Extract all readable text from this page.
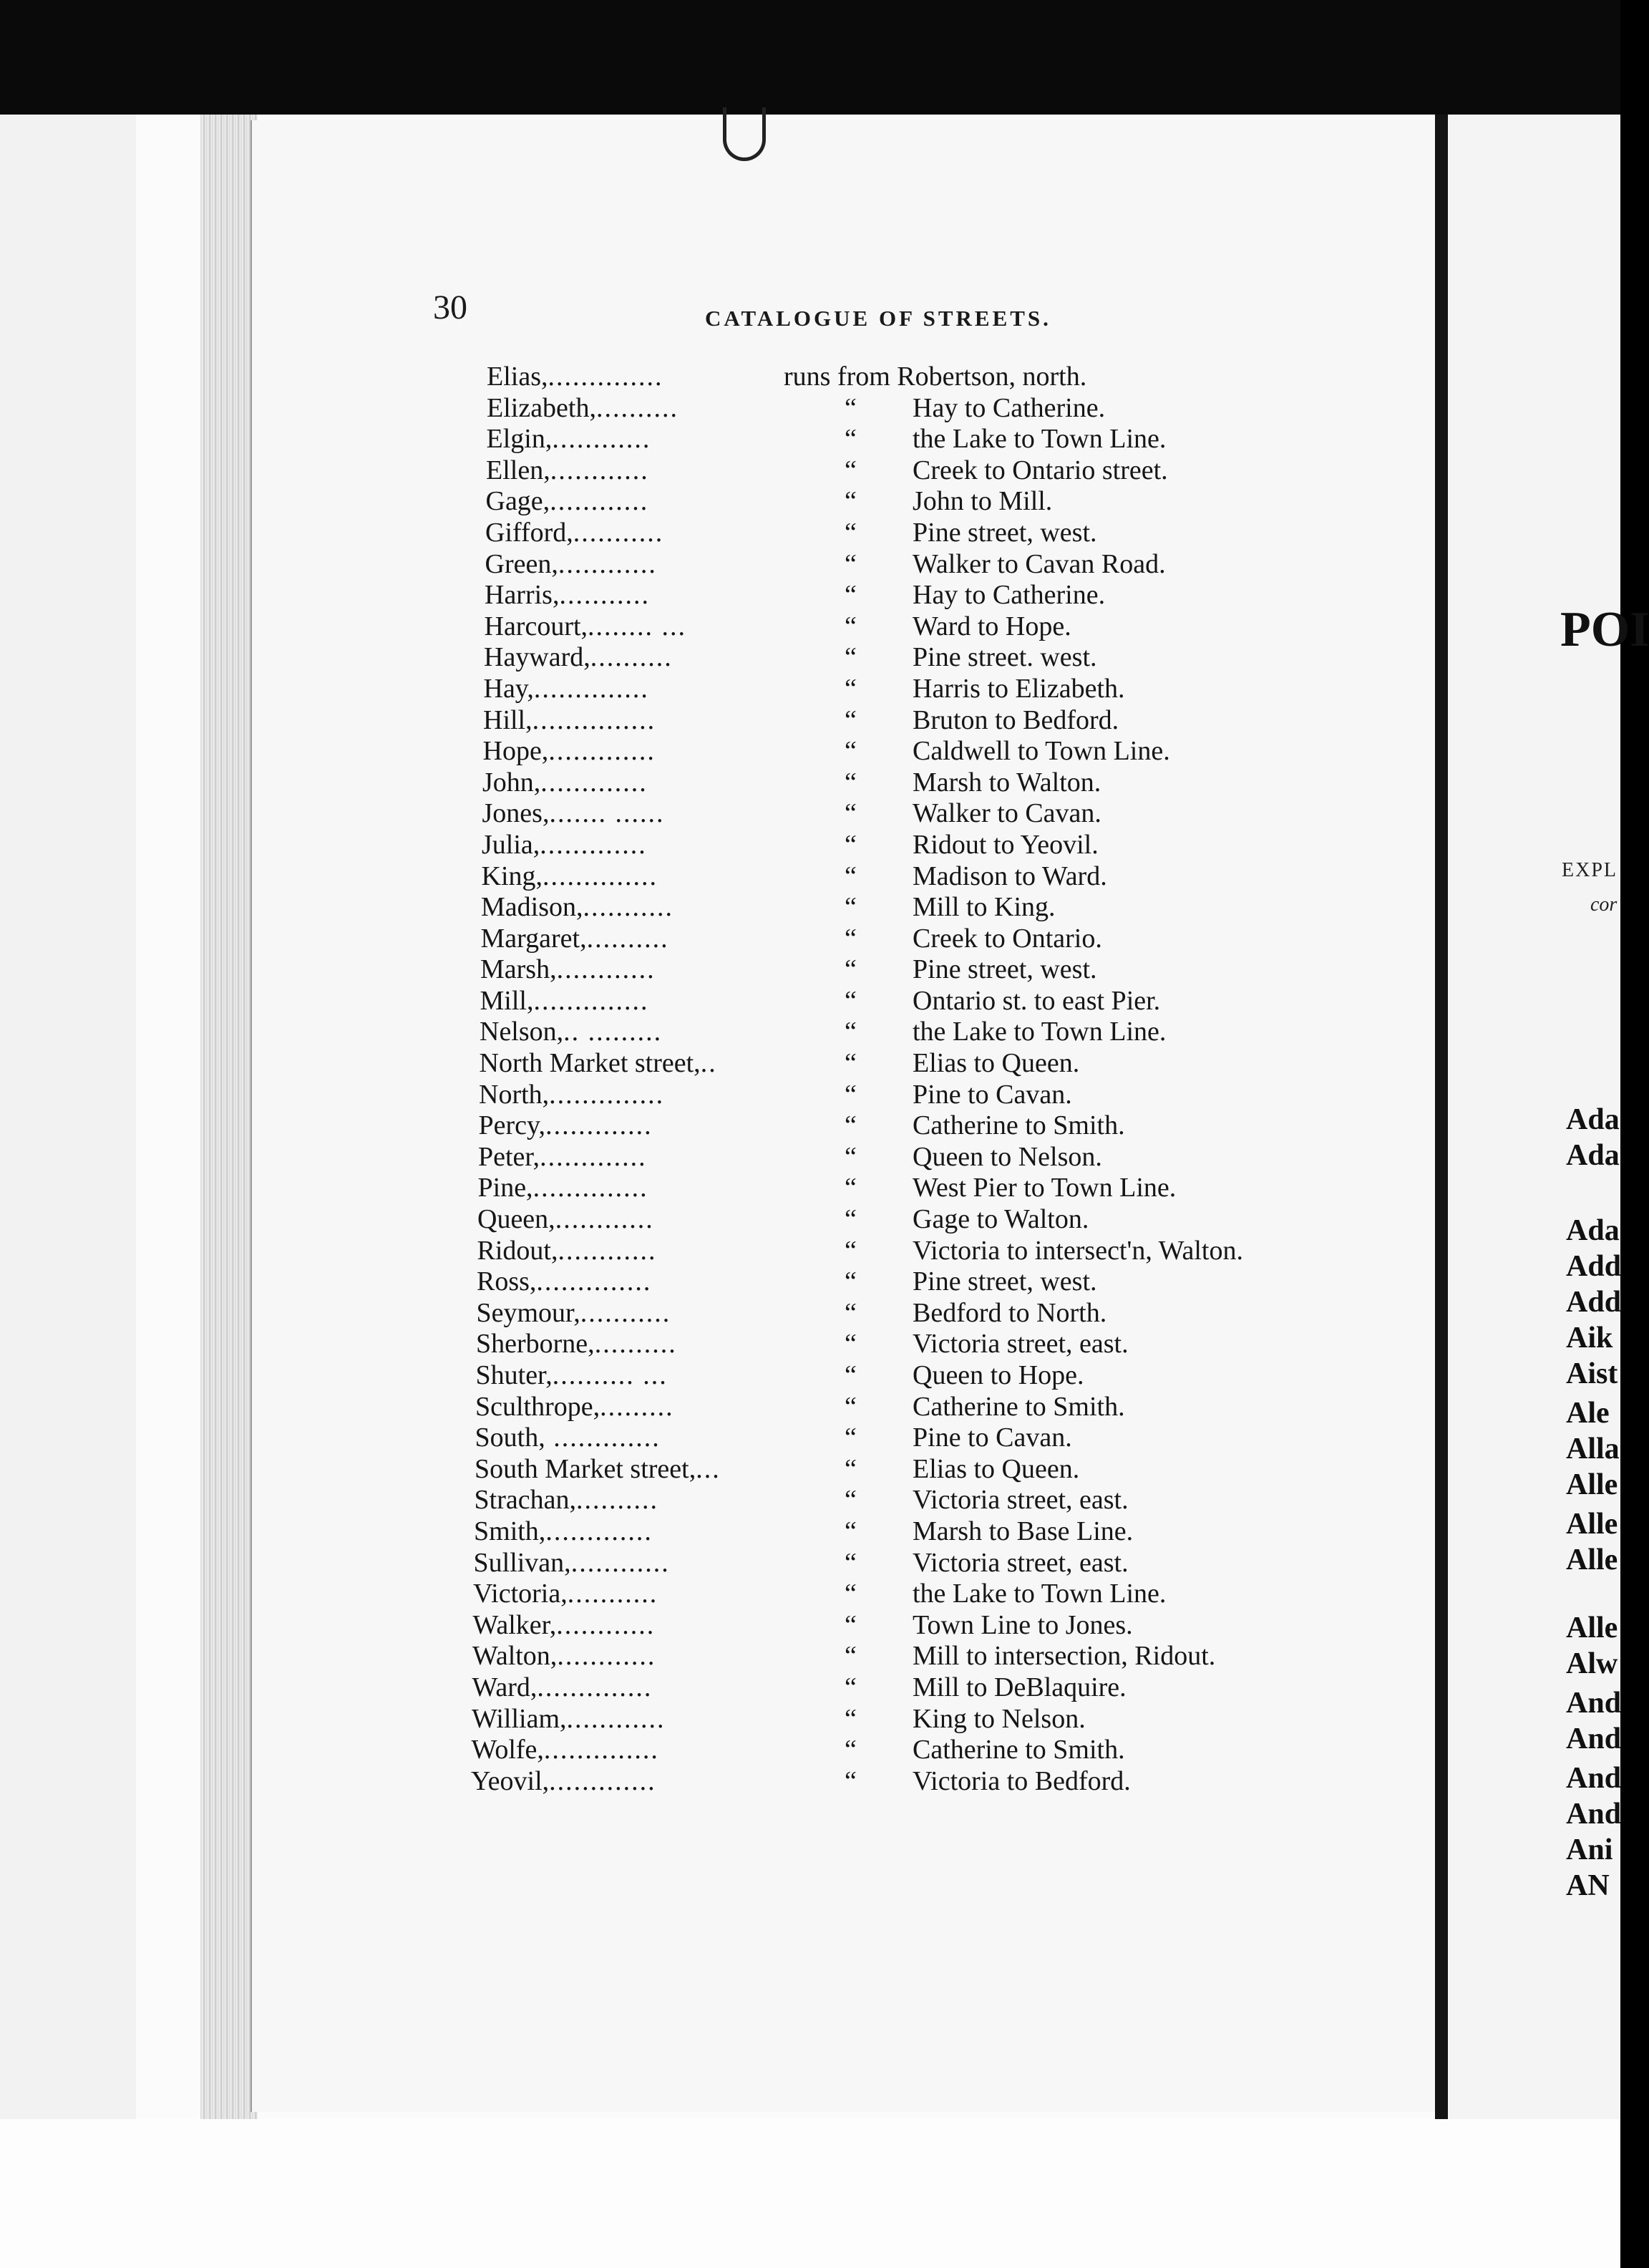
30	CATALOGUE OF STREETS.
Elias,..............	runs from Robertson, north.
Elizabeth,..........	“ Hay to Catherine.
Elgin,............	“ the Lake to Town Line.
Ellen,............	“ Creek to Ontario street.
Gage,............	“ John to Mill.
Gifford,...........	“ Pine street, west.
Green,............	“ Walker to Cavan Road.
Harris,...........	“ Hay to Catherine.
Harcourt,........ ...	“ Ward to Hope.
Hayward,..........	“ Pine street. west.
Hay,..............	“ Harris to Elizabeth.
Hill,...............	“ Bruton to Bedford.
Hope,.............	“ Caldwell to Town Line.
John,.............	“ Marsh to Walton.
Jones,....... ......	“ Walker to Cavan.
Julia,.............	“ Ridout to Yeovil.
King,..............	“ Madison to Ward.
Madison,...........	“ Mill to King.
Margaret,..........	“ Creek to Ontario.
Marsh,............	“ Pine street, west.
Mill,..............	“ Ontario st. to east Pier.
Nelson,.. .........	“ the Lake to Town Line.
North Market street,..	“ Elias to Queen.
North,..............	“ Pine to Cavan.
Percy,.............	“ Catherine to Smith.
Peter,.............	“ Queen to Nelson.
Pine,..............	“ West Pier to Town Line.
Queen,............	“ Gage to Walton.
Ridout,............	“ Victoria to intersect'n, Walton.
Ross,..............	“ Pine street, west.
Seymour,...........	“ Bedford to North.
Sherborne,..........	“ Victoria street, east.
Shuter,.......... ...	“ Queen to Hope.
Sculthrope,.........	“ Catherine to Smith.
South, .............	“ Pine to Cavan.
South Market street,...	“ Elias to Queen.
Strachan,..........	“ Victoria street, east.
Smith,.............	“ Marsh to Base Line.
Sullivan,............	“ Victoria street, east.
Victoria,...........	“ the Lake to Town Line.
Walker,............	“ Town Line to Jones.
Walton,............	“ Mill to intersection, Ridout.
Ward,..............	“ Mill to DeBlaquire.
William,............	“ King to Nelson.
Wolfe,..............	“ Catherine to Smith.
Yeovil,.............	“ Victoria to Bedford.
POI
EXPL
cor
Ada
Ada
Ada
Add
Add
Aik
Aist
Ale
Alla
Alle
Alle
Alle
Alle
Alw
And
And
And
And
Ani
AN
